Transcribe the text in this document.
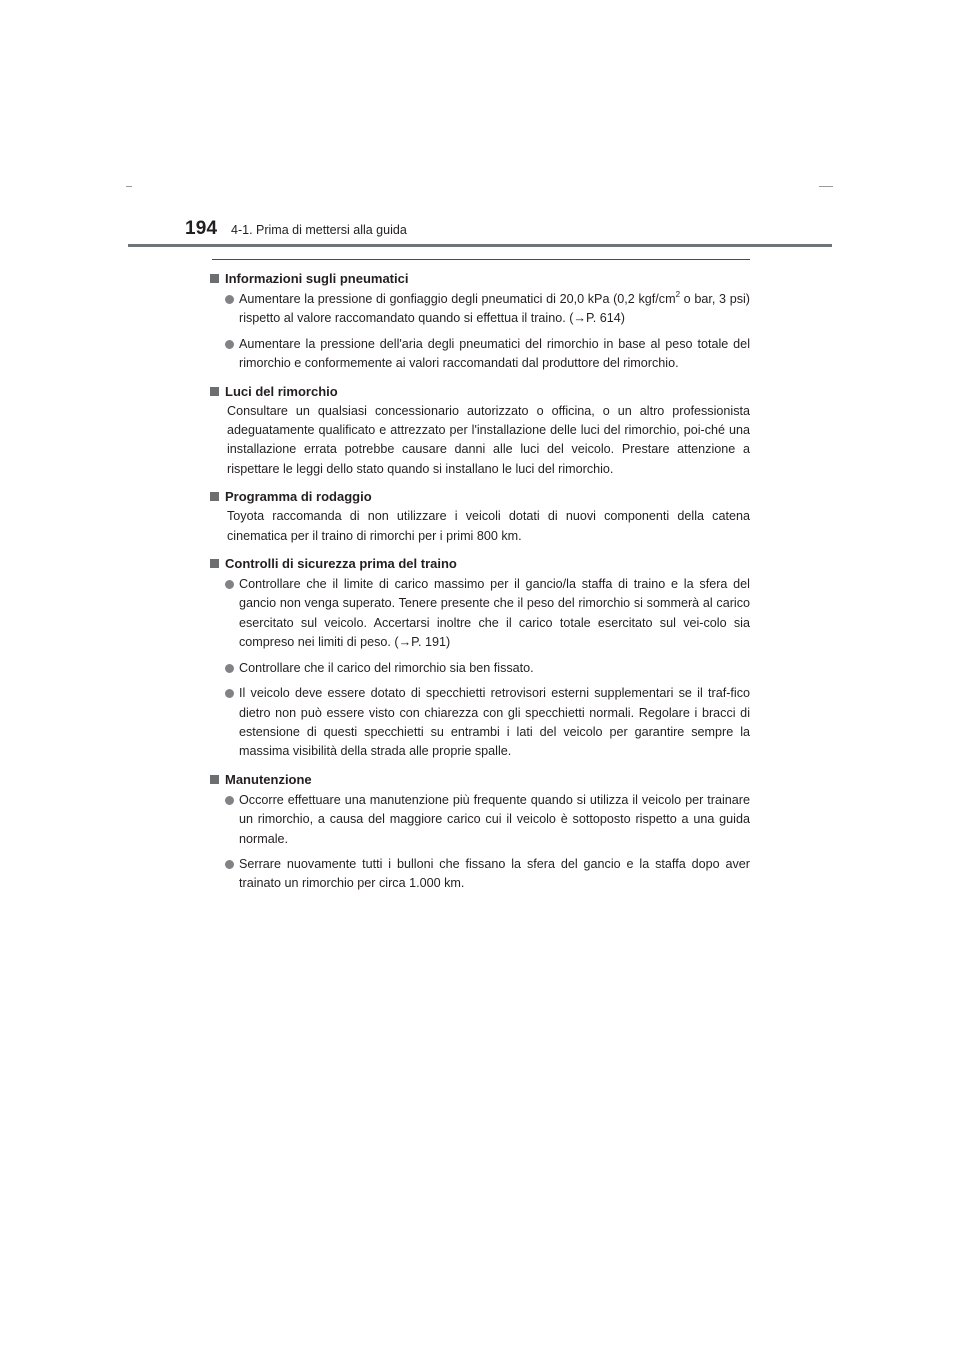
194 4-1. Prima di mettersi alla guida
Informazioni sugli pneumatici
Aumentare la pressione di gonfiaggio degli pneumatici di 20,0 kPa (0,2 kgf/$cm^2$ o bar, 3 psi) rispetto al valore raccomandato quando si effettua il traino. (→P. 614)
Aumentare la pressione dell'aria degli pneumatici del rimorchio in base al peso totale del rimorchio e conformemente ai valori raccomandati dal produttore del rimorchio.
Luci del rimorchio
Consultare un qualsiasi concessionario autorizzato o officina, o un altro professionista adeguatamente qualificato e attrezzato per l'installazione delle luci del rimorchio, poi-ché una installazione errata potrebbe causare danni alle luci del veicolo. Prestare attenzione a rispettare le leggi dello stato quando si installano le luci del rimorchio.
Programma di rodaggio
Toyota raccomanda di non utilizzare i veicoli dotati di nuovi componenti della catena cinematica per il traino di rimorchi per i primi 800 km.
Controlli di sicurezza prima del traino
Controllare che il limite di carico massimo per il gancio/la staffa di traino e la sfera del gancio non venga superato. Tenere presente che il peso del rimorchio si sommerà al carico esercitato sul veicolo. Accertarsi inoltre che il carico totale esercitato sul vei-colo sia compreso nei limiti di peso. (→P. 191)
Controllare che il carico del rimorchio sia ben fissato.
Il veicolo deve essere dotato di specchietti retrovisori esterni supplementari se il traf-fico dietro non può essere visto con chiarezza con gli specchietti normali. Regolare i bracci di estensione di questi specchietti su entrambi i lati del veicolo per garantire sempre la massima visibilità della strada alle proprie spalle.
Manutenzione
Occorre effettuare una manutenzione più frequente quando si utilizza il veicolo per trainare un rimorchio, a causa del maggiore carico cui il veicolo è sottoposto rispetto a una guida normale.
Serrare nuovamente tutti i bulloni che fissano la sfera del gancio e la staffa dopo aver trainato un rimorchio per circa 1.000 km.
